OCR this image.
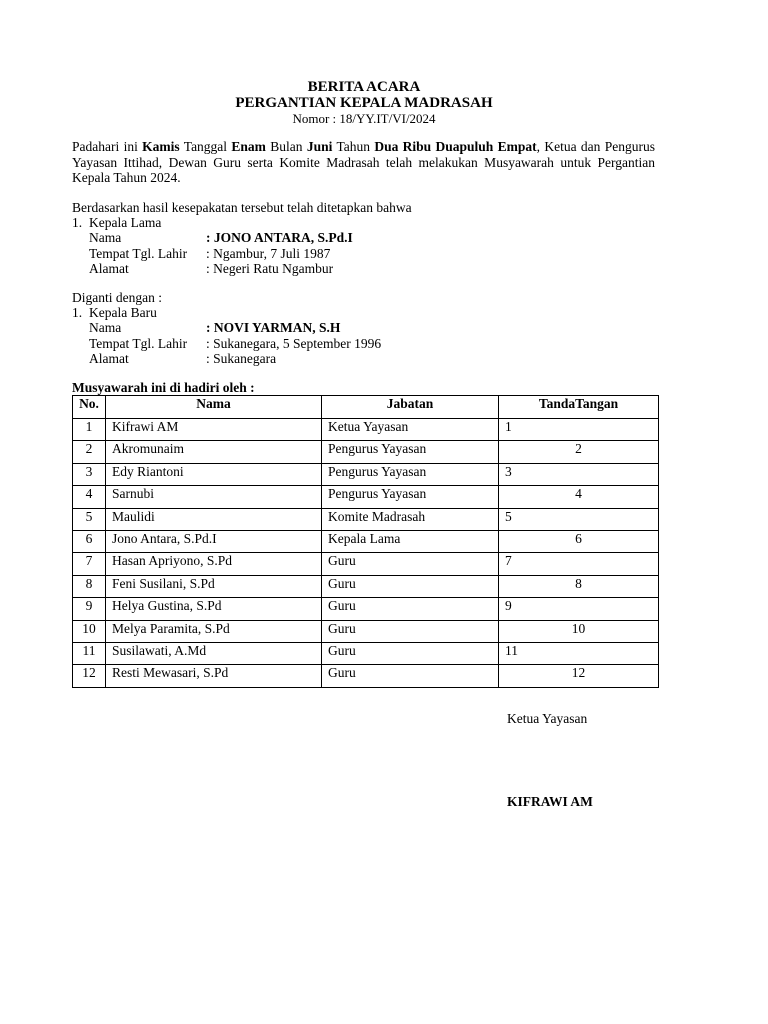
BERITA ACARA
PERGANTIAN KEPALA MADRASAH
Nomor : 18/YY.IT/VI/2024
Padahari ini Kamis Tanggal Enam Bulan Juni Tahun Dua Ribu Duapuluh Empat, Ketua dan Pengurus Yayasan Ittihad, Dewan Guru serta Komite Madrasah telah melakukan Musyawarah untuk Pergantian Kepala Tahun 2024.
Berdasarkan hasil kesepakatan tersebut telah ditetapkan bahwa
1. Kepala Lama
Nama	: JONO ANTARA, S.Pd.I
Tempat Tgl. Lahir	: Ngambur, 7 Juli 1987
Alamat	: Negeri Ratu Ngambur
Diganti dengan :
1. Kepala Baru
Nama	: NOVI YARMAN, S.H
Tempat Tgl. Lahir	: Sukanegara, 5 September 1996
Alamat	: Sukanegara
Musyawarah ini di hadiri oleh :
No.	Nama	Jabatan	TandaTangan
1	Kifrawi AM	Ketua Yayasan	1
2	Akromunaim	Pengurus Yayasan	2
3	Edy Riantoni	Pengurus Yayasan	3
4	Sarnubi	Pengurus Yayasan	4
5	Maulidi	Komite Madrasah	5
6	Jono Antara, S.Pd.I	Kepala Lama	6
7	Hasan Apriyono, S.Pd	Guru	7
8	Feni Susilani, S.Pd	Guru	8
9	Helya Gustina, S.Pd	Guru	9
10	Melya Paramita, S.Pd	Guru	10
11	Susilawati, A.Md	Guru	11
12	Resti Mewasari, S.Pd	Guru	12
Ketua Yayasan
KIFRAWI AM
